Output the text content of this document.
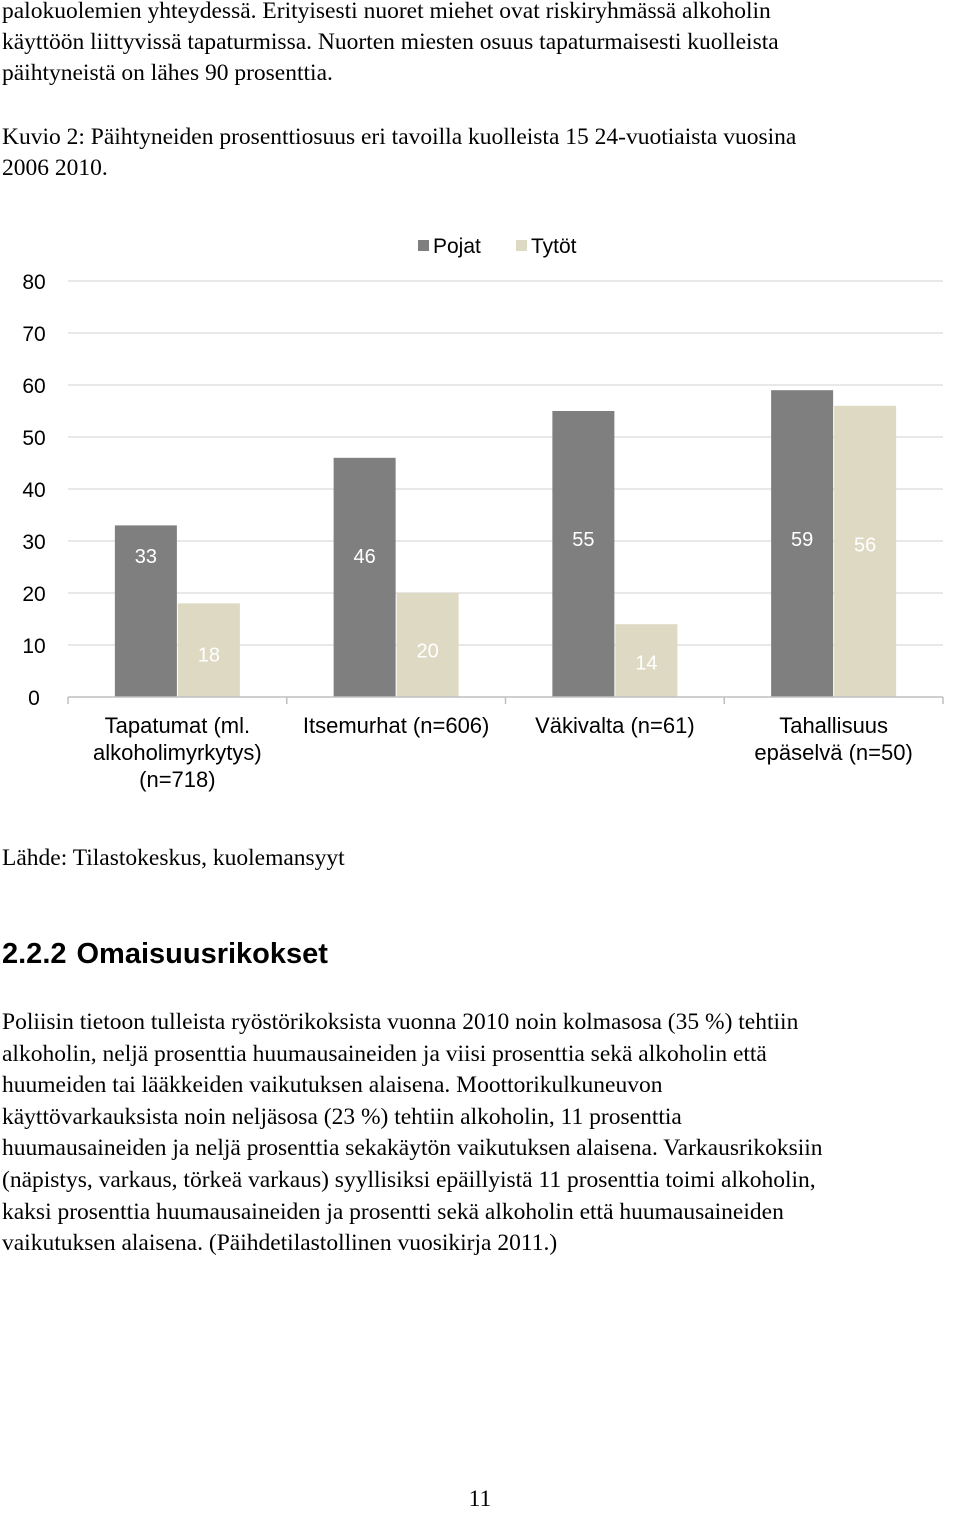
palokuolemien yhteydessä. Erityisesti nuoret miehet ovat riskiryhmässä alkoholin
käyttöön liittyvissä tapaturmissa. Nuorten miesten osuus tapaturmaisesti kuolleista
päihtyneistä on lähes 90 prosenttia.
Kuvio 2: Päihtyneiden prosenttiosuus eri tavoilla kuolleista 15 24-vuotiaista vuosina
2006 2010.
33	46
55	59
18	20
14
56
0
10
20
30
40
50
60
70
80
Tapatumat (ml.
alkoholimyrkytys)
(n=718)
Itsemurhat (n=606) Väkivalta (n=61)	Tahallisuus
epäselvä (n=50)
Pojat Tytöt
Lähde: Tilastokeskus, kuolemansyyt
2.2.2 Omaisuusrikokset
Poliisin tietoon tulleista ryöstörikoksista vuonna 2010 noin kolmasosa (35 %) tehtiin
alkoholin, neljä prosenttia huumausaineiden ja viisi prosenttia sekä alkoholin että
huumeiden tai lääkkeiden vaikutuksen alaisena. Moottorikulkuneuvon
käyttövarkauksista noin neljäsosa (23 %) tehtiin alkoholin, 11 prosenttia
huumausaineiden ja neljä prosenttia sekakäytön vaikutuksen alaisena. Varkausrikoksiin
(näpistys, varkaus, törkeä varkaus) syyllisiksi epäillyistä 11 prosenttia toimi alkoholin,
kaksi prosenttia huumausaineiden ja prosentti sekä alkoholin että huumausaineiden
vaikutuksen alaisena. (Päihdetilastollinen vuosikirja 2011.)
11
